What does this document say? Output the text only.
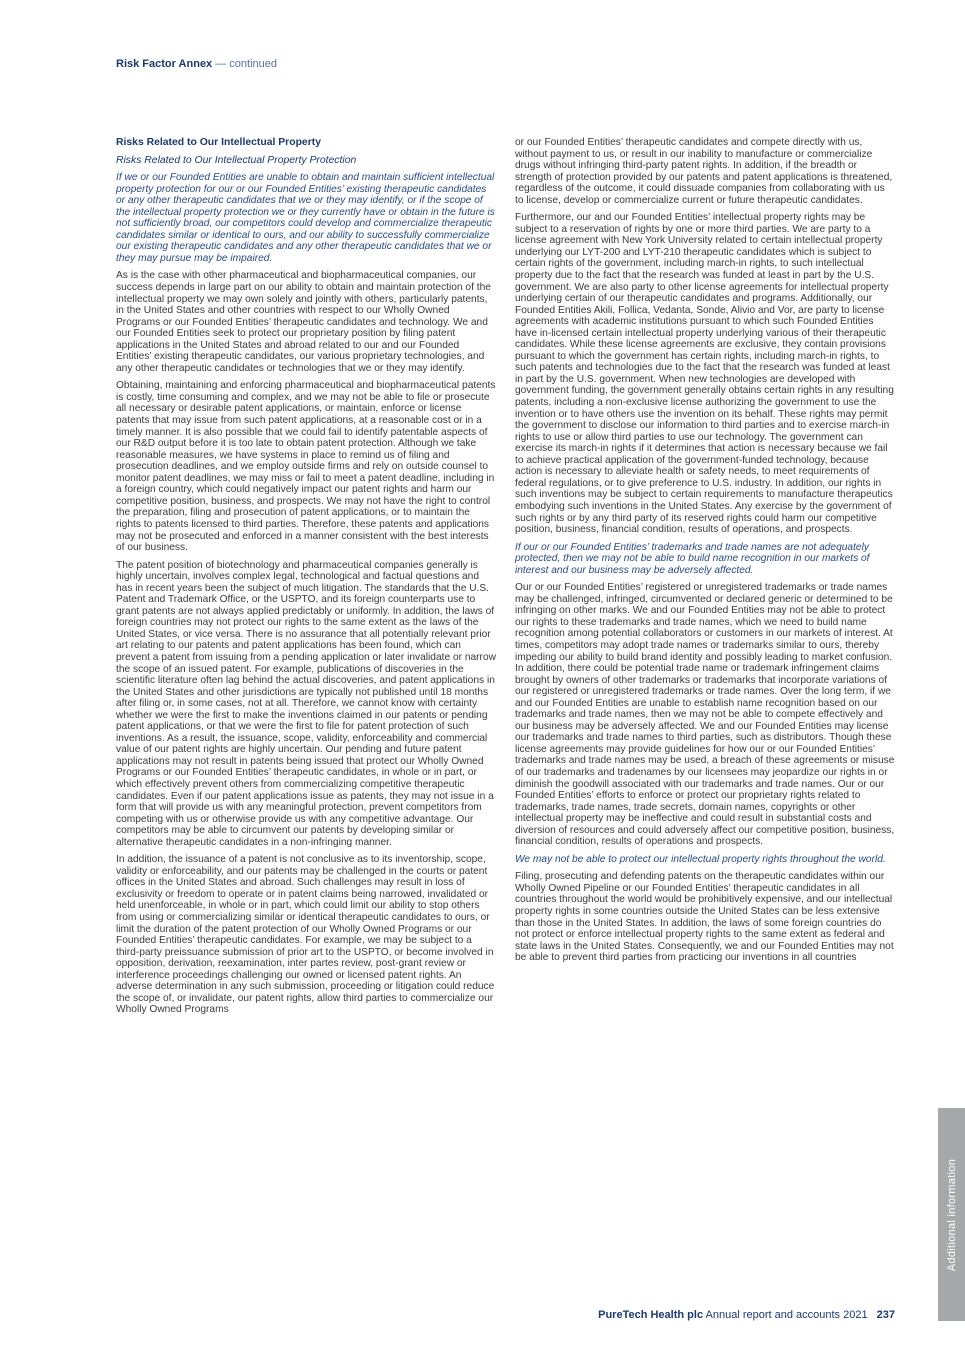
Risk Factor Annex — continued
Risks Related to Our Intellectual Property
Risks Related to Our Intellectual Property Protection

If we or our Founded Entities are unable to obtain and maintain sufficient intellectual property protection for our or our Founded Entities’ existing therapeutic candidates or any other therapeutic candidates that we or they may identify, or if the scope of the intellectual property protection we or they currently have or obtain in the future is not sufficiently broad, our competitors could develop and commercialize therapeutic candidates similar or identical to ours, and our ability to successfully commercialize our existing therapeutic candidates and any other therapeutic candidates that we or they may pursue may be impaired.

As is the case with other pharmaceutical and biopharmaceutical companies, our success depends in large part on our ability to obtain and maintain protection of the intellectual property we may own solely and jointly with others, particularly patents, in the United States and other countries with respect to our Wholly Owned Programs or our Founded Entities’ therapeutic candidates and technology. We and our Founded Entities seek to protect our proprietary position by filing patent applications in the United States and abroad related to our and our Founded Entities’ existing therapeutic candidates, our various proprietary technologies, and any other therapeutic candidates or technologies that we or they may identify.

Obtaining, maintaining and enforcing pharmaceutical and biopharmaceutical patents is costly, time consuming and complex, and we may not be able to file or prosecute all necessary or desirable patent applications, or maintain, enforce or license patents that may issue from such patent applications, at a reasonable cost or in a timely manner. It is also possible that we could fail to identify patentable aspects of our R&D output before it is too late to obtain patent protection. Although we take reasonable measures, we have systems in place to remind us of filing and prosecution deadlines, and we employ outside firms and rely on outside counsel to monitor patent deadlines, we may miss or fail to meet a patent deadline, including in a foreign country, which could negatively impact our patent rights and harm our competitive position, business, and prospects. We may not have the right to control the preparation, filing and prosecution of patent applications, or to maintain the rights to patents licensed to third parties. Therefore, these patents and applications may not be prosecuted and enforced in a manner consistent with the best interests of our business.

The patent position of biotechnology and pharmaceutical companies generally is highly uncertain, involves complex legal, technological and factual questions and has in recent years been the subject of much litigation. The standards that the U.S. Patent and Trademark Office, or the USPTO, and its foreign counterparts use to grant patents are not always applied predictably or uniformly. In addition, the laws of foreign countries may not protect our rights to the same extent as the laws of the United States, or vice versa. There is no assurance that all potentially relevant prior art relating to our patents and patent applications has been found, which can prevent a patent from issuing from a pending application or later invalidate or narrow the scope of an issued patent. For example, publications of discoveries in the scientific literature often lag behind the actual discoveries, and patent applications in the United States and other jurisdictions are typically not published until 18 months after filing or, in some cases, not at all. Therefore, we cannot know with certainty whether we were the first to make the inventions claimed in our patents or pending patent applications, or that we were the first to file for patent protection of such inventions. As a result, the issuance, scope, validity, enforceability and commercial value of our patent rights are highly uncertain. Our pending and future patent applications may not result in patents being issued that protect our Wholly Owned Programs or our Founded Entities’ therapeutic candidates, in whole or in part, or which effectively prevent others from commercializing competitive therapeutic candidates. Even if our patent applications issue as patents, they may not issue in a form that will provide us with any meaningful protection, prevent competitors from competing with us or otherwise provide us with any competitive advantage. Our competitors may be able to circumvent our patents by developing similar or alternative therapeutic candidates in a non-infringing manner.

In addition, the issuance of a patent is not conclusive as to its inventorship, scope, validity or enforceability, and our patents may be challenged in the courts or patent offices in the United States and abroad. Such challenges may result in loss of exclusivity or freedom to operate or in patent claims being narrowed, invalidated or held unenforceable, in whole or in part, which could limit our ability to stop others from using or commercializing similar or identical therapeutic candidates to ours, or limit the duration of the patent protection of our Wholly Owned Programs or our Founded Entities’ therapeutic candidates. For example, we may be subject to a third-party preissuance submission of prior art to the USPTO, or become involved in opposition, derivation, reexamination, inter partes review, post-grant review or interference proceedings challenging our owned or licensed patent rights. An adverse determination in any such submission, proceeding or litigation could reduce the scope of, or invalidate, our patent rights, allow third parties to commercialize our Wholly Owned Programs

or our Founded Entities’ therapeutic candidates and compete directly with us, without payment to us, or result in our inability to manufacture or commercialize drugs without infringing third-party patent rights. In addition, if the breadth or strength of protection provided by our patents and patent applications is threatened, regardless of the outcome, it could dissuade companies from collaborating with us to license, develop or commercialize current or future therapeutic candidates.

Furthermore, our and our Founded Entities’ intellectual property rights may be subject to a reservation of rights by one or more third parties. We are party to a license agreement with New York University related to certain intellectual property underlying our LYT-200 and LYT-210 therapeutic candidates which is subject to certain rights of the government, including march-in rights, to such intellectual property due to the fact that the research was funded at least in part by the U.S. government. We are also party to other license agreements for intellectual property underlying certain of our therapeutic candidates and programs. Additionally, our Founded Entities Akili, Follica, Vedanta, Sonde, Alivio and Vor, are party to license agreements with academic institutions pursuant to which such Founded Entities have in-licensed certain intellectual property underlying various of their therapeutic candidates. While these license agreements are exclusive, they contain provisions pursuant to which the government has certain rights, including march-in rights, to such patents and technologies due to the fact that the research was funded at least in part by the U.S. government. When new technologies are developed with government funding, the government generally obtains certain rights in any resulting patents, including a non-exclusive license authorizing the government to use the invention or to have others use the invention on its behalf. These rights may permit the government to disclose our information to third parties and to exercise march-in rights to use or allow third parties to use our technology. The government can exercise its march-in rights if it determines that action is necessary because we fail to achieve practical application of the government-funded technology, because action is necessary to alleviate health or safety needs, to meet requirements of federal regulations, or to give preference to U.S. industry. In addition, our rights in such inventions may be subject to certain requirements to manufacture therapeutics embodying such inventions in the United States. Any exercise by the government of such rights or by any third party of its reserved rights could harm our competitive position, business, financial condition, results of operations, and prospects.

If our or our Founded Entities’ trademarks and trade names are not adequately protected, then we may not be able to build name recognition in our markets of interest and our business may be adversely affected.

Our or our Founded Entities’ registered or unregistered trademarks or trade names may be challenged, infringed, circumvented or declared generic or determined to be infringing on other marks. We and our Founded Entities may not be able to protect our rights to these trademarks and trade names, which we need to build name recognition among potential collaborators or customers in our markets of interest. At times, competitors may adopt trade names or trademarks similar to ours, thereby impeding our ability to build brand identity and possibly leading to market confusion. In addition, there could be potential trade name or trademark infringement claims brought by owners of other trademarks or trademarks that incorporate variations of our registered or unregistered trademarks or trade names. Over the long term, if we and our Founded Entities are unable to establish name recognition based on our trademarks and trade names, then we may not be able to compete effectively and our business may be adversely affected. We and our Founded Entities may license our trademarks and trade names to third parties, such as distributors. Though these license agreements may provide guidelines for how our or our Founded Entities’ trademarks and trade names may be used, a breach of these agreements or misuse of our trademarks and tradenames by our licensees may jeopardize our rights in or diminish the goodwill associated with our trademarks and trade names. Our or our Founded Entities’ efforts to enforce or protect our proprietary rights related to trademarks, trade names, trade secrets, domain names, copyrights or other intellectual property may be ineffective and could result in substantial costs and diversion of resources and could adversely affect our competitive position, business, financial condition, results of operations and prospects.

We may not be able to protect our intellectual property rights throughout the world.

Filing, prosecuting and defending patents on the therapeutic candidates within our Wholly Owned Pipeline or our Founded Entities’ therapeutic candidates in all countries throughout the world would be prohibitively expensive, and our intellectual property rights in some countries outside the United States can be less extensive than those in the United States. In addition, the laws of some foreign countries do not protect or enforce intellectual property rights to the same extent as federal and state laws in the United States. Consequently, we and our Founded Entities may not be able to prevent third parties from practicing our inventions in all countries

Additional information
PureTech Health plc Annual report and accounts 2021 237
